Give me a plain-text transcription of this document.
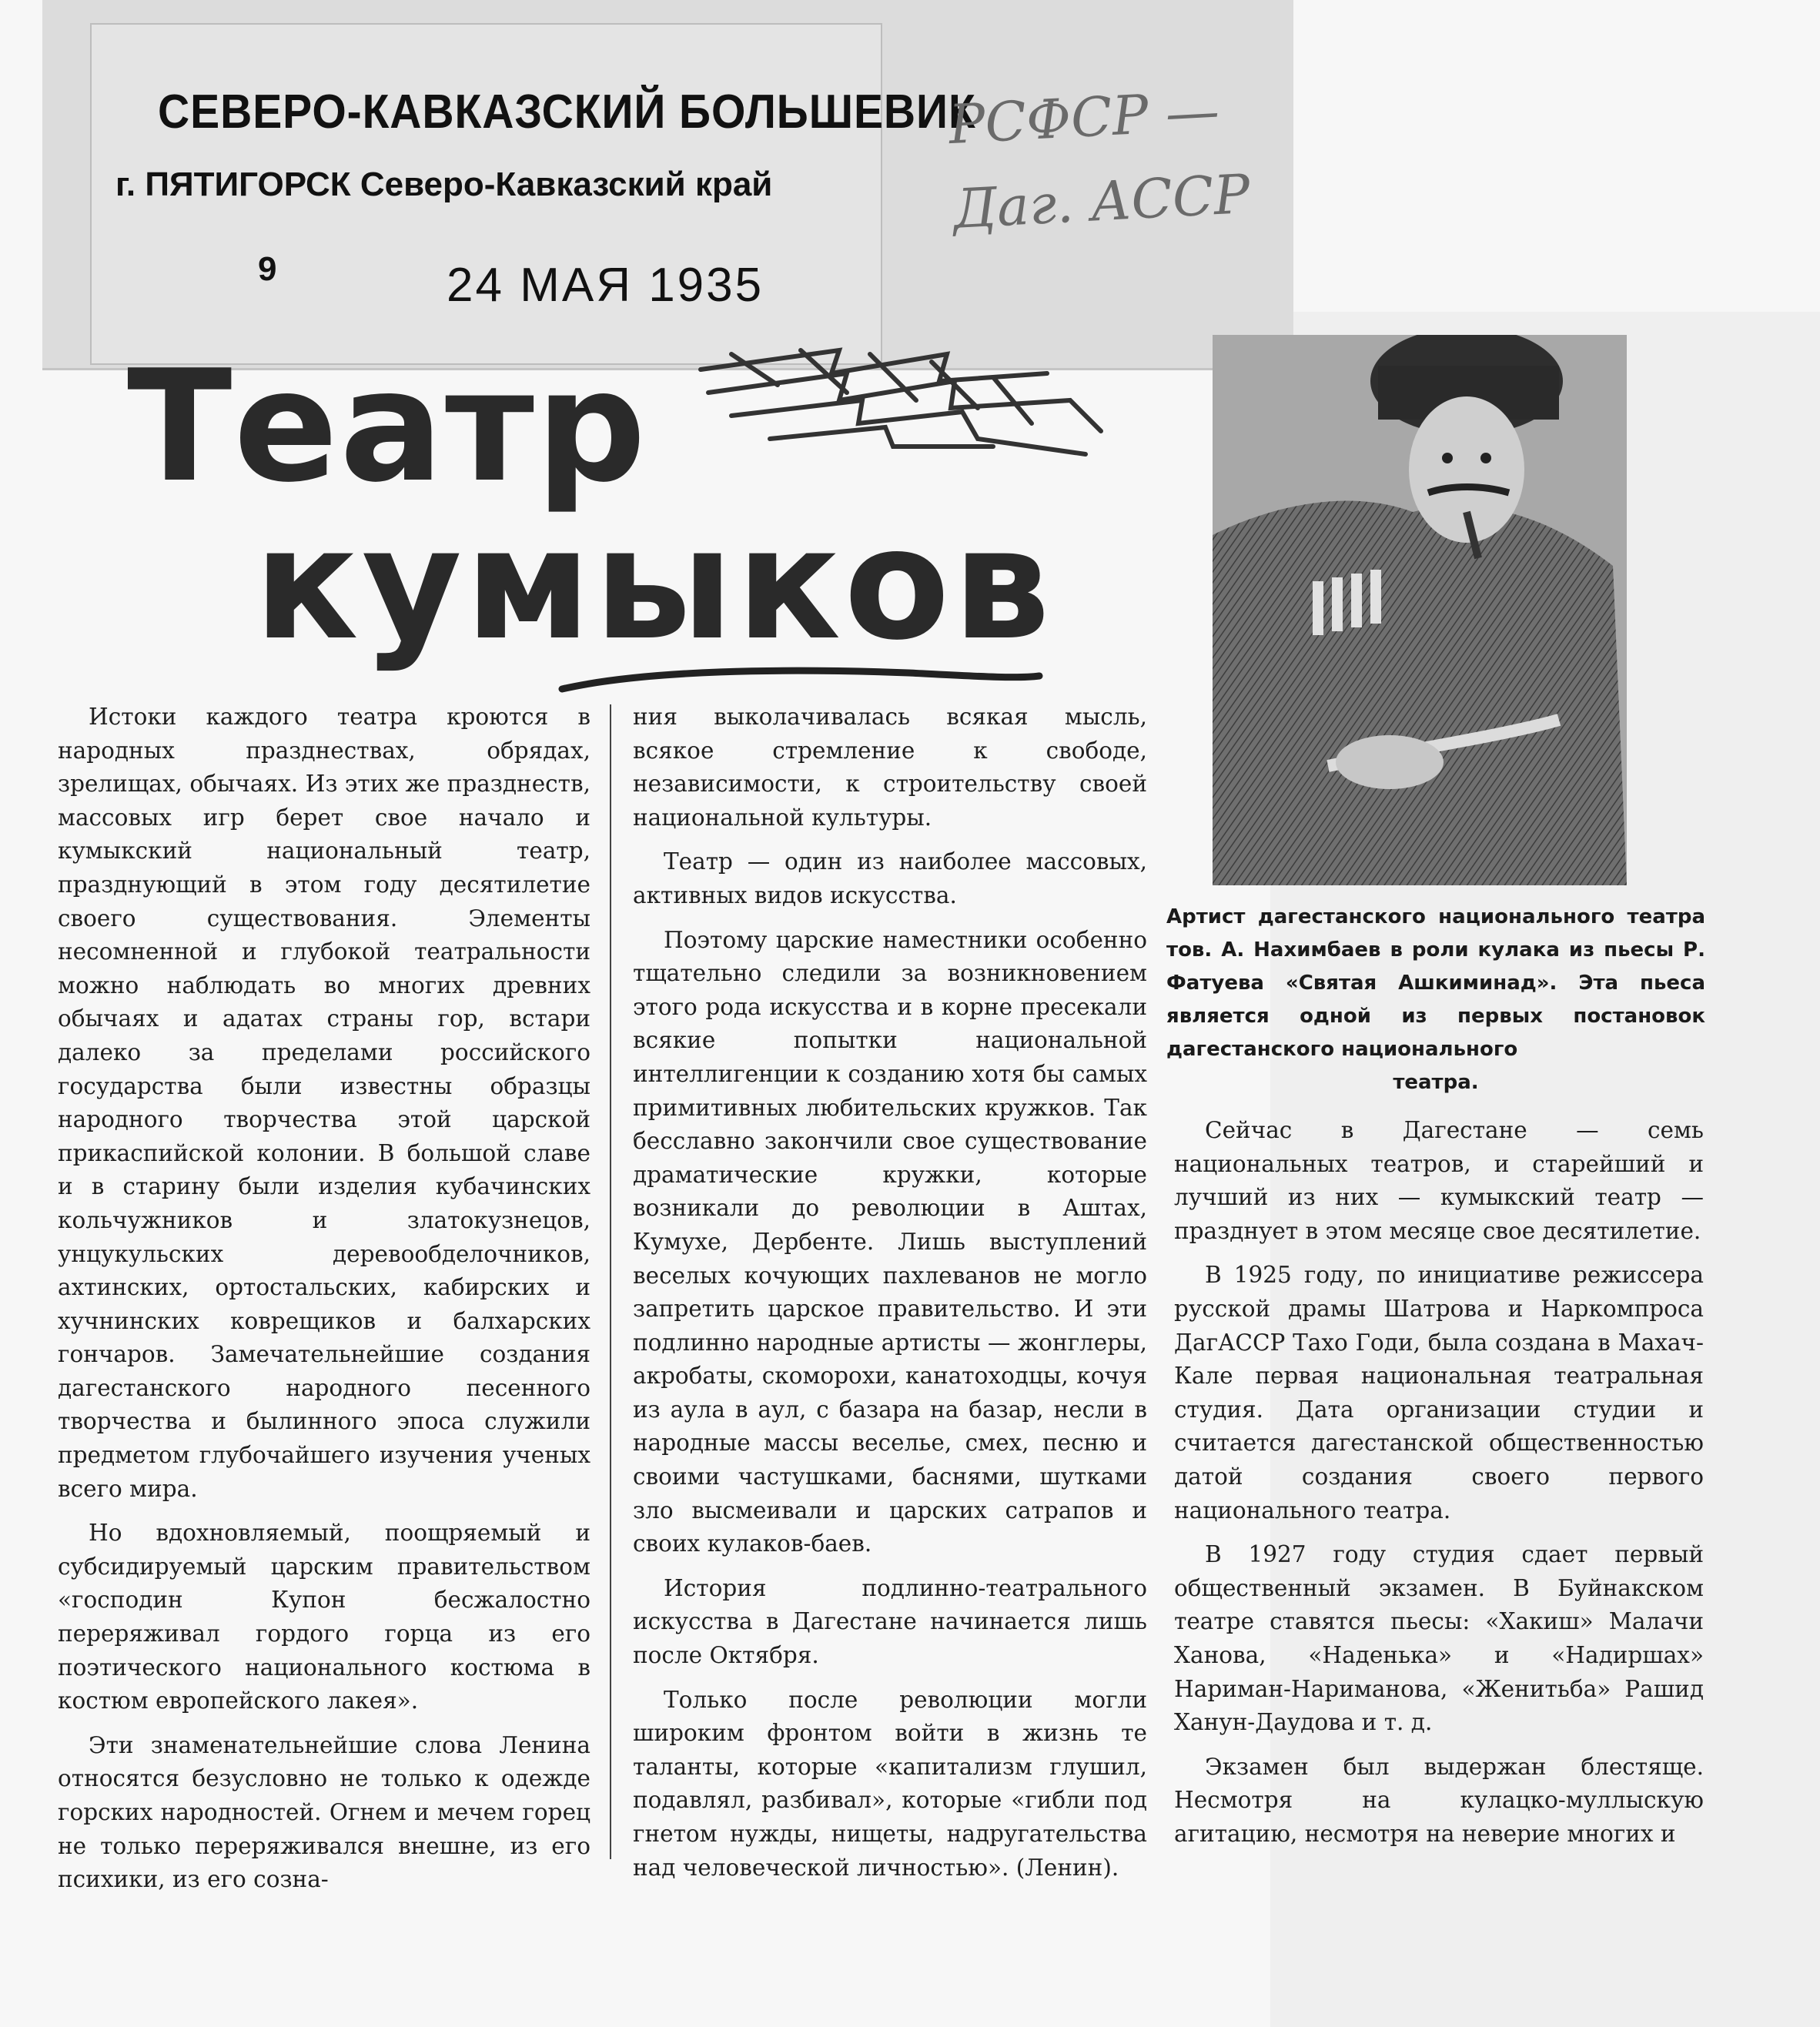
СЕВЕРО-КАВКАЗСКИЙ БОЛЬШЕВИК
г. ПЯТИГОРСК Северо-Кавказский край
9	24 МАЯ 1935
РСФСР — Даг. АССР
Театр
кумыков
Артист дагестанского национального театра тов. А. Нахимбаев в роли кулака из пьесы Р. Фатуева «Святая Ашкиминад». Эта пьеса является одной из первых постановок дагестанского национального
театра.

Истоки каждого театра кроются в народных празднествах, обрядах, зрелищах, обычаях. Из этих же празднеств, массовых игр берет свое начало и кумыкский национальный театр, празднующий в этом году десятилетие своего существования. Элементы несомненной и глубокой театральности можно наблюдать во многих древних обычаях и адатах страны гор, встари далеко за пределами российского государства были известны образцы народного творчества этой царской прикаспийской колонии. В большой славе и в старину были изделия кубачинских кольчужников и златокузнецов, унцукульских деревообделочников, ахтинских, ортостальских, кабирских и хучнинских коврещиков и балхарских гончаров. Замечательнейшие создания дагестанского народного песенного творчества и былинного эпоса служили предметом глубочайшего изучения ученых всего мира.

Но вдохновляемый, поощряемый и субсидируемый царским правительством «господин Купон бесжалостно переряживал гордого горца из его поэтического национального костюма в костюм европейского лакея».

Эти знаменательнейшие слова Ленина относятся безусловно не только к одежде горских народностей. Огнем и мечем горец не только переряживался внешне, из его психики, из его созна-

ния выколачивалась всякая мысль, всякое стремление к свободе, независимости, к строительству своей национальной культуры.

Театр — один из наиболее массовых, активных видов искусства.

Поэтому царские наместники особенно тщательно следили за возникновением этого рода искусства и в корне пресекали всякие попытки национальной интеллигенции к созданию хотя бы самых примитивных любительских кружков. Так бесславно закончили свое существование драматические кружки, которые возникали до революции в Аштах, Кумухе, Дербенте. Лишь выступлений веселых кочующих пахлеванов не могло запретить царское правительство. И эти подлинно народные артисты — жонглеры, акробаты, скоморохи, канатоходцы, кочуя из аула в аул, с базара на базар, несли в народные массы веселье, смех, песню и своими частушками, баснями, шутками зло высмеивали и царских сатрапов и своих кулаков-баев.

История подлинно-театрального искусства в Дагестане начинается лишь после Октября.

Только после революции могли широким фронтом войти в жизнь те таланты, которые «капитализм глушил, подавлял, разбивал», которые «гибли под гнетом нужды, нищеты, надругательства над человеческой личностью». (Ленин).

Сейчас в Дагестане — семь национальных театров, и старейший и лучший из них — кумыкский театр — празднует в этом месяце свое десятилетие.

В 1925 году, по инициативе режиссера русской драмы Шатрова и Наркомпроса ДагАССР Тахо Годи, была создана в Махач-Кале первая национальная театральная студия. Дата организации студии и считается дагестанской общественностью датой создания своего первого национального театра.

В 1927 году студия сдает первый общественный экзамен. В Буйнакском театре ставятся пьесы: «Хакиш» Малачи Ханова, «Наденька» и «Надиршах» Нариман-Нариманова, «Женитьба» Рашид Ханун-Даудова и т. д.

Экзамен был выдержан блестяще. Несмотря на кулацко-муллыскую агитацию, несмотря на неверие многих и
